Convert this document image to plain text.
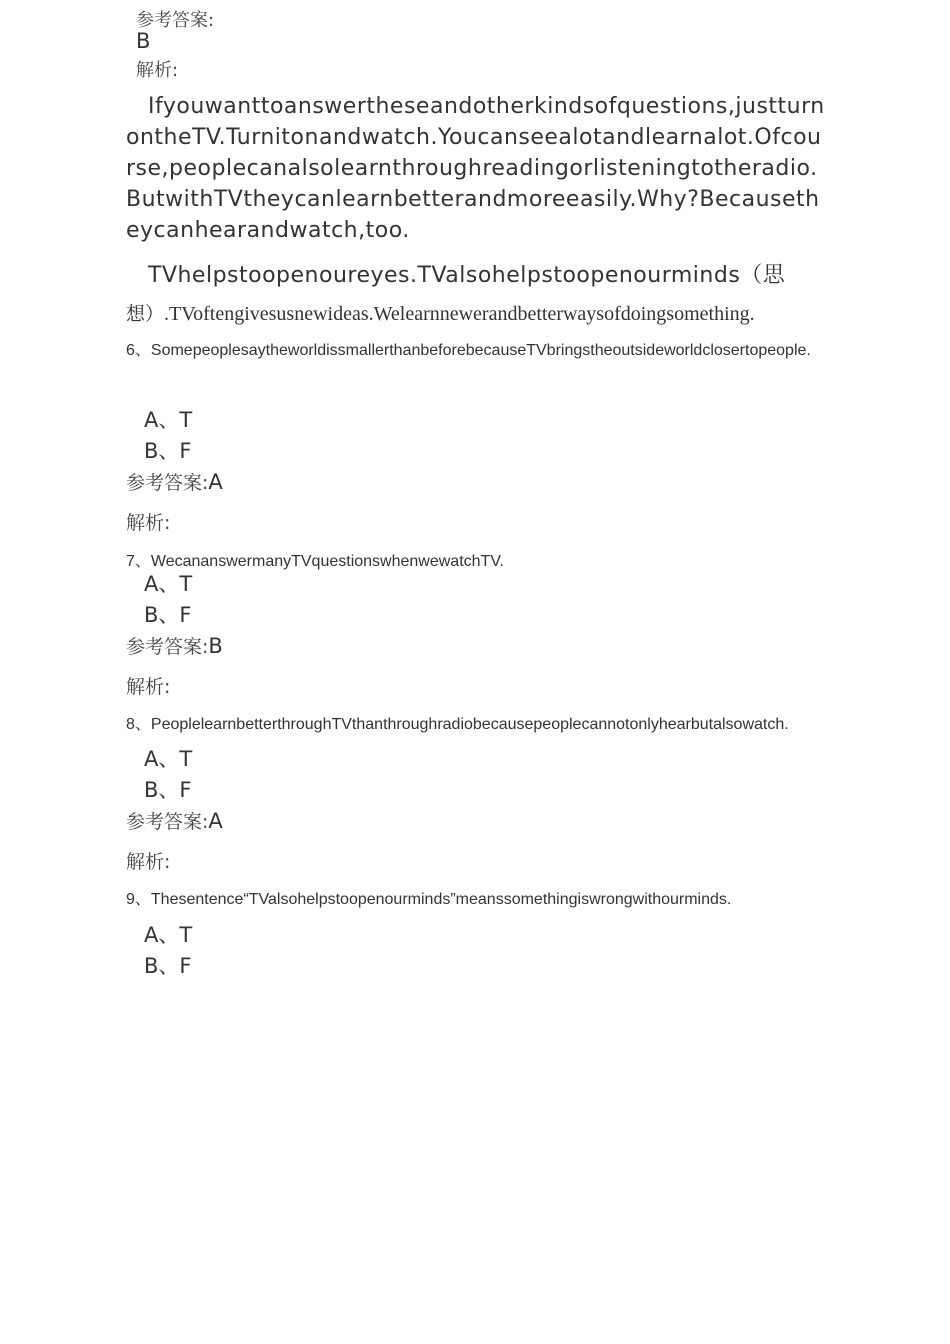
参考答案:
B
解析:
Ifyouwanttoanswertheseandotherkindsofquestions,justturnontheTV.Turnitonandwatch.Youcanseealotandlearnalot.Ofcourse,peoplecanalsolearnthroughreadingorlisteningtotheradio.ButwithTVtheycanlearnbetterandmoreeasily.Why?Becausetheycanhearandwatch,too.
TVhelpstoopenoureyes.TValsohelpstoopenourminds（思
想）.TVoftengivesusnewideas.Welearnnewerandbetterwaysofdoingsomething.
6、SomepeoplesaytheworldissmallerthanbeforebecauseTVbringstheoutsideworldclosertopeople.
A、T
B、F
参考答案:A
解析:
7、WecananswermanyTVquestionswhenwewatchTV.
A、T
B、F
参考答案:B
解析:
8、PeoplelearnbetterthroughTVthanthroughradiobecausepeoplecannotonlyhearbutalsowatch.
A、T
B、F
参考答案:A
解析:
9、Thesentence“TValsohelpstoopenourminds”meanssomethingiswrongwithourminds.
A、T
B、F
